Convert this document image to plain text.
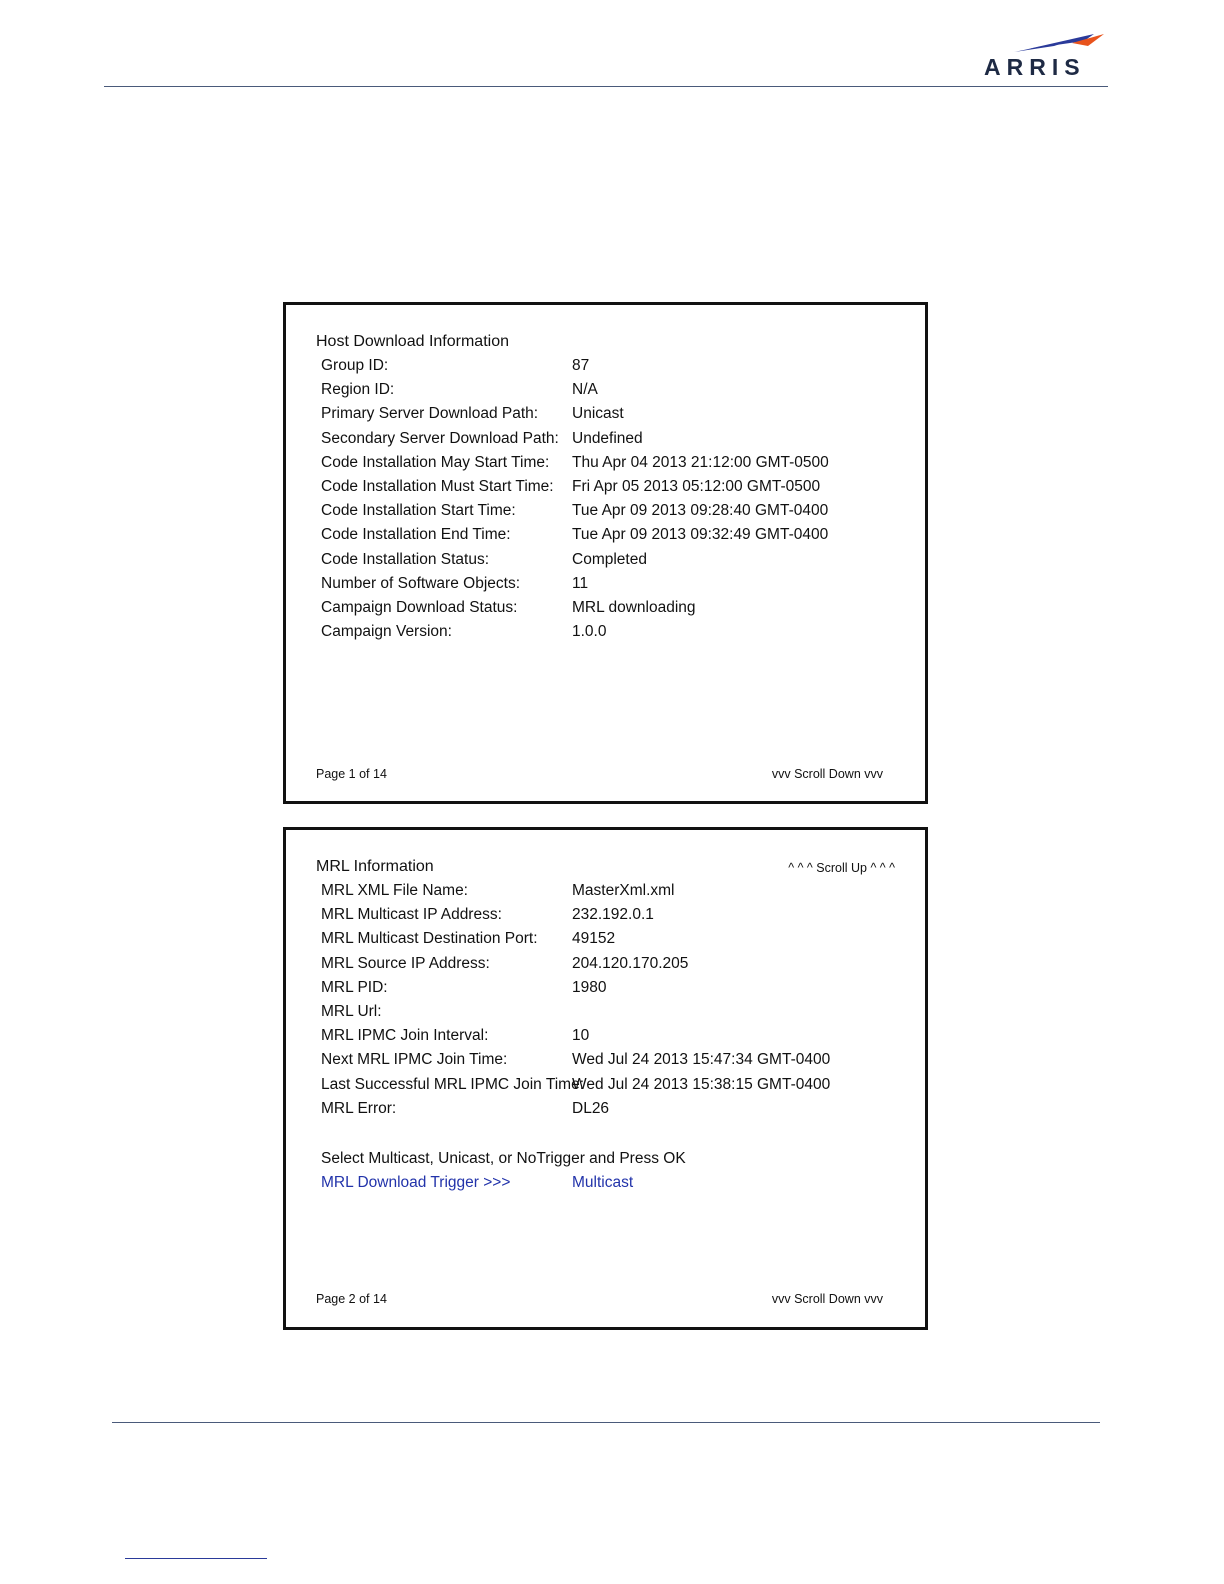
ARRIS
Host Download Information
Group ID:	87
Region ID:	N/A
Primary Server Download Path: Unicast
Secondary Server Download Path: Undefined
Code Installation May Start Time: Thu Apr 04 2013 21:12:00 GMT-0500
Code Installation Must Start Time: Fri Apr 05 2013 05:12:00 GMT-0500
Code Installation Start Time:	Tue Apr 09 2013 09:28:40 GMT-0400
Code Installation End Time:	Tue Apr 09 2013 09:32:49 GMT-0400
Code Installation Status:	Completed
Number of Software Objects:	11
Campaign Download Status:	MRL downloading
Campaign Version:	1.0.0
Page 1 of 14	vvv Scroll Down vvv
MRL Information	^ ^ ^ Scroll Up ^ ^ ^
MRL XML File Name:	MasterXml.xml
MRL Multicast IP Address:	232.192.0.1
MRL Multicast Destination Port: 49152
MRL Source IP Address:	204.120.170.205
MRL PID:	1980
MRL Url:
MRL IPMC Join Interval:	10
Next MRL IPMC Join Time:	Wed Jul 24 2013 15:47:34 GMT-0400
Last Successful MRL IPMC Join Time:
Wed Jul 24 2013 15:38:15 GMT-0400
MRL Error:	DL26
Select Multicast, Unicast, or NoTrigger and Press OK
MRL Download Trigger >>>	Multicast
Page 2 of 14	vvv Scroll Down vvv
